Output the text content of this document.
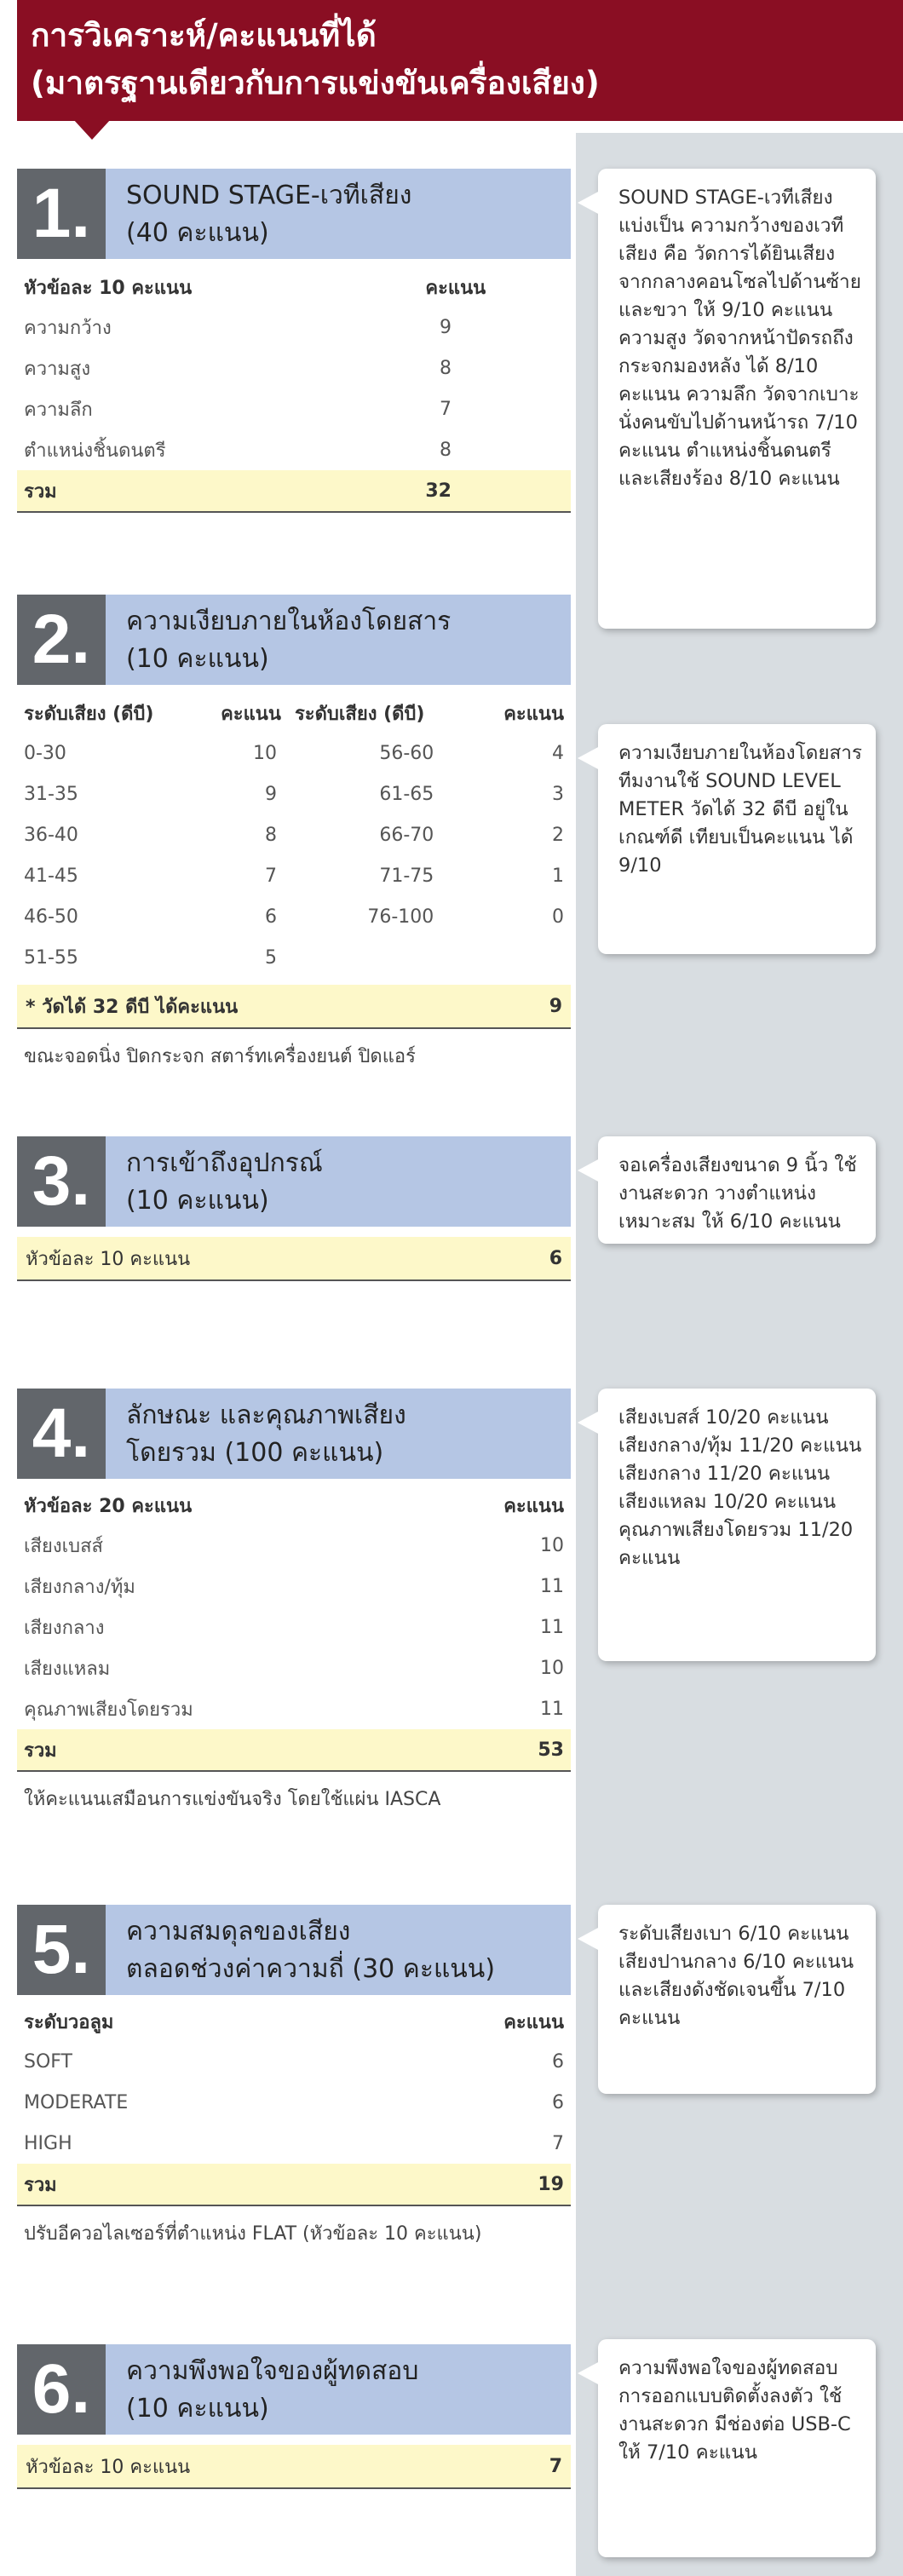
การวิเคราะห์/คะแนนที่ได้
(มาตรฐานเดียวกับการแข่งขันเครื่องเสียง)
1.	SOUND STAGE-เวทีเสียง
(40 คะแนน)
หัวข้อละ 10 คะแนน	คะแนน
ความกว้าง	9
ความสูง	8
ความลึก	7
ตำแหน่งชิ้นดนตรี	8
รวม	32
SOUND STAGE-เวทีเสียง แบ่งเป็น ความกว้างของเวทีเสียง คือ วัดการได้ยินเสียงจากกลางคอนโซลไปด้านซ้าย และขวา ให้ 9/10 คะแนน ความสูง วัดจากหน้าปัดรถถึงกระจกมองหลัง ได้ 8/10 คะแนน ความลึก วัดจากเบาะนั่งคนขับไปด้านหน้ารถ 7/10 คะแนน ตำแหน่งชิ้นดนตรี และเสียงร้อง 8/10 คะแนน
2.	ความเงียบภายในห้องโดยสาร
(10 คะแนน)
ระดับเสียง (ดีบี)	คะแนน	ระดับเสียง (ดีบี)	คะแนน
0-30	10	56-60	4
31-35	9	61-65	3
36-40	8	66-70	2
41-45	7	71-75	1
46-50	6	76-100	0
51-55	5		
* วัดได้ 32 ดีบี ได้คะแนน	9
ขณะจอดนิ่ง ปิดกระจก สตาร์ทเครื่องยนต์ ปิดแอร์
ความเงียบภายในห้องโดยสาร ทีมงานใช้ SOUND LEVEL METER วัดได้ 32 ดีบี อยู่ในเกณฑ์ดี เทียบเป็นคะแนน ได้ 9/10
3.	การเข้าถึงอุปกรณ์
(10 คะแนน)
หัวข้อละ 10 คะแนน	6
จอเครื่องเสียงขนาด 9 นิ้ว ใช้งานสะดวก วางตำแหน่งเหมาะสม ให้ 6/10 คะแนน
4.	ลักษณะ และคุณภาพเสียง
โดยรวม (100 คะแนน)
หัวข้อละ 20 คะแนน	คะแนน
เสียงเบสส์	10
เสียงกลาง/ทุ้ม	11
เสียงกลาง	11
เสียงแหลม	10
คุณภาพเสียงโดยรวม	11
รวม	53
ให้คะแนนเสมือนการแข่งขันจริง โดยใช้แผ่น IASCA
เสียงเบสส์ 10/20 คะแนน เสียงกลาง/ทุ้ม 11/20 คะแนน เสียงกลาง 11/20 คะแนน เสียงแหลม 10/20 คะแนน คุณภาพเสียงโดยรวม 11/20 คะแนน
5.	ความสมดุลของเสียง
ตลอดช่วงค่าความถี่ (30 คะแนน)
ระดับวอลูม	คะแนน
SOFT	6
MODERATE	6
HIGH	7
รวม	19
ปรับอีควอไลเซอร์ที่ตำแหน่ง FLAT (หัวข้อละ 10 คะแนน)
ระดับเสียงเบา 6/10 คะแนน เสียงปานกลาง 6/10 คะแนน และเสียงดังชัดเจนขึ้น 7/10 คะแนน
6.	ความพึงพอใจของผู้ทดสอบ
(10 คะแนน)
หัวข้อละ 10 คะแนน	7
ความพึงพอใจของผู้ทดสอบ การออกแบบติดตั้งลงตัว ใช้งานสะดวก มีช่องต่อ USB-C ให้ 7/10 คะแนน
